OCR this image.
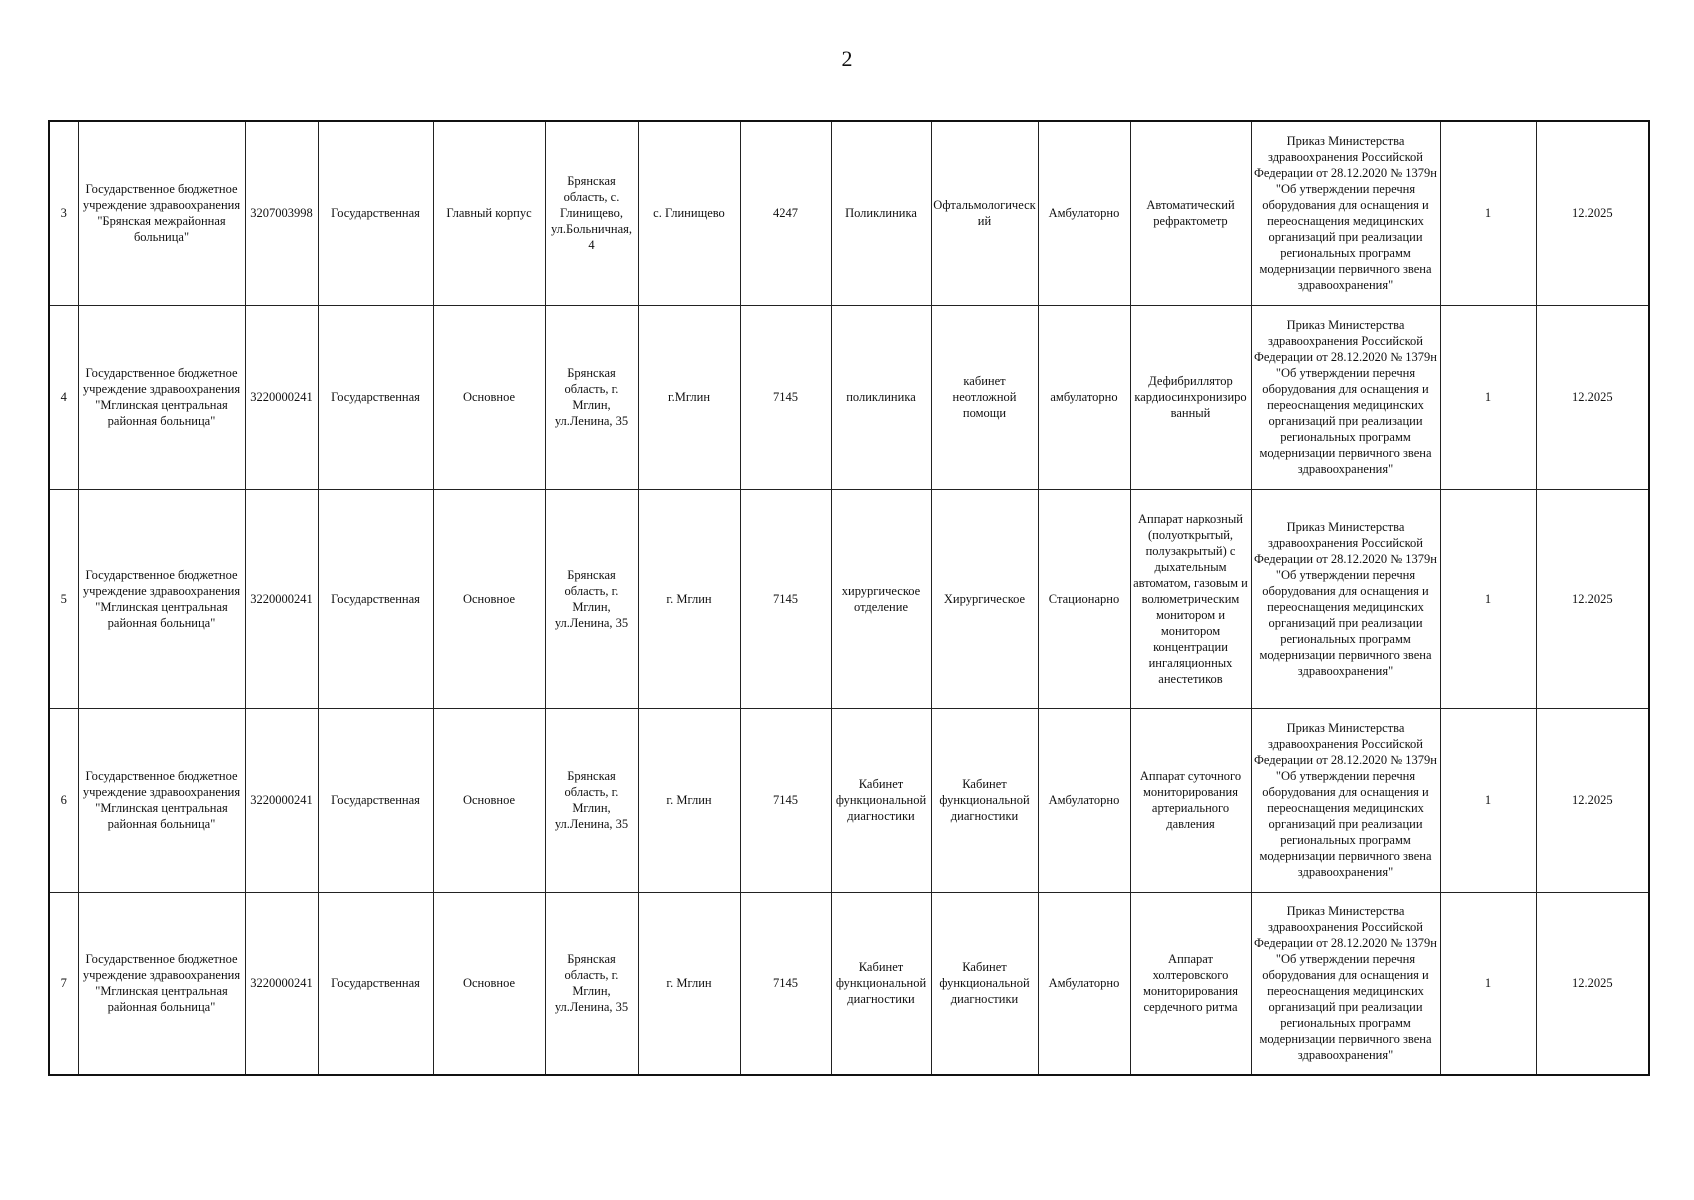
2
3	Государственное бюджетное учреждение здравоохранения "Брянская межрайонная больница"	3207003998	Государственная	Главный корпус	Брянская область, с. Глинищево, ул.Больничная, 4	с. Глинищево	4247	Поликлиника	Офтальмологический	Амбулаторно	Автоматический рефрактометр	Приказ Министерства здравоохранения Российской Федерации от 28.12.2020 № 1379н "Об утверждении перечня оборудования для оснащения и переоснащения медицинских организаций при реализации региональных программ модернизации первичного звена здравоохранения"	1	12.2025
4	Государственное бюджетное учреждение здравоохранения "Мглинская центральная районная больница"	3220000241	Государственная	Основное	Брянская область, г. Мглин, ул.Ленина, 35	г.Мглин	7145	поликлиника	кабинет неотложной помощи	амбулаторно	Дефибриллятор кардиосинхронизированный	Приказ Министерства здравоохранения Российской Федерации от 28.12.2020 № 1379н "Об утверждении перечня оборудования для оснащения и переоснащения медицинских организаций при реализации региональных программ модернизации первичного звена здравоохранения"	1	12.2025
5	Государственное бюджетное учреждение здравоохранения "Мглинская центральная районная больница"	3220000241	Государственная	Основное	Брянская область, г. Мглин, ул.Ленина, 35	г. Мглин	7145	хирургическое отделение	Хирургическое	Стационарно	Аппарат наркозный (полуоткрытый, полузакрытый) с дыхательным автоматом, газовым и волюметрическим монитором и монитором концентрации ингаляционных анестетиков	Приказ Министерства здравоохранения Российской Федерации от 28.12.2020 № 1379н "Об утверждении перечня оборудования для оснащения и переоснащения медицинских организаций при реализации региональных программ модернизации первичного звена здравоохранения"	1	12.2025
6	Государственное бюджетное учреждение здравоохранения "Мглинская центральная районная больница"	3220000241	Государственная	Основное	Брянская область, г. Мглин, ул.Ленина, 35	г. Мглин	7145	Кабинет функциональной диагностики	Кабинет функциональной диагностики	Амбулаторно	Аппарат суточного мониторирования артериального давления	Приказ Министерства здравоохранения Российской Федерации от 28.12.2020 № 1379н "Об утверждении перечня оборудования для оснащения и переоснащения медицинских организаций при реализации региональных программ модернизации первичного звена здравоохранения"	1	12.2025
7	Государственное бюджетное учреждение здравоохранения "Мглинская центральная районная больница"	3220000241	Государственная	Основное	Брянская область, г. Мглин, ул.Ленина, 35	г. Мглин	7145	Кабинет функциональной диагностики	Кабинет функциональной диагностики	Амбулаторно	Аппарат холтеровского мониторирования сердечного ритма	Приказ Министерства здравоохранения Российской Федерации от 28.12.2020 № 1379н "Об утверждении перечня оборудования для оснащения и переоснащения медицинских организаций при реализации региональных программ модернизации первичного звена здравоохранения"	1	12.2025
